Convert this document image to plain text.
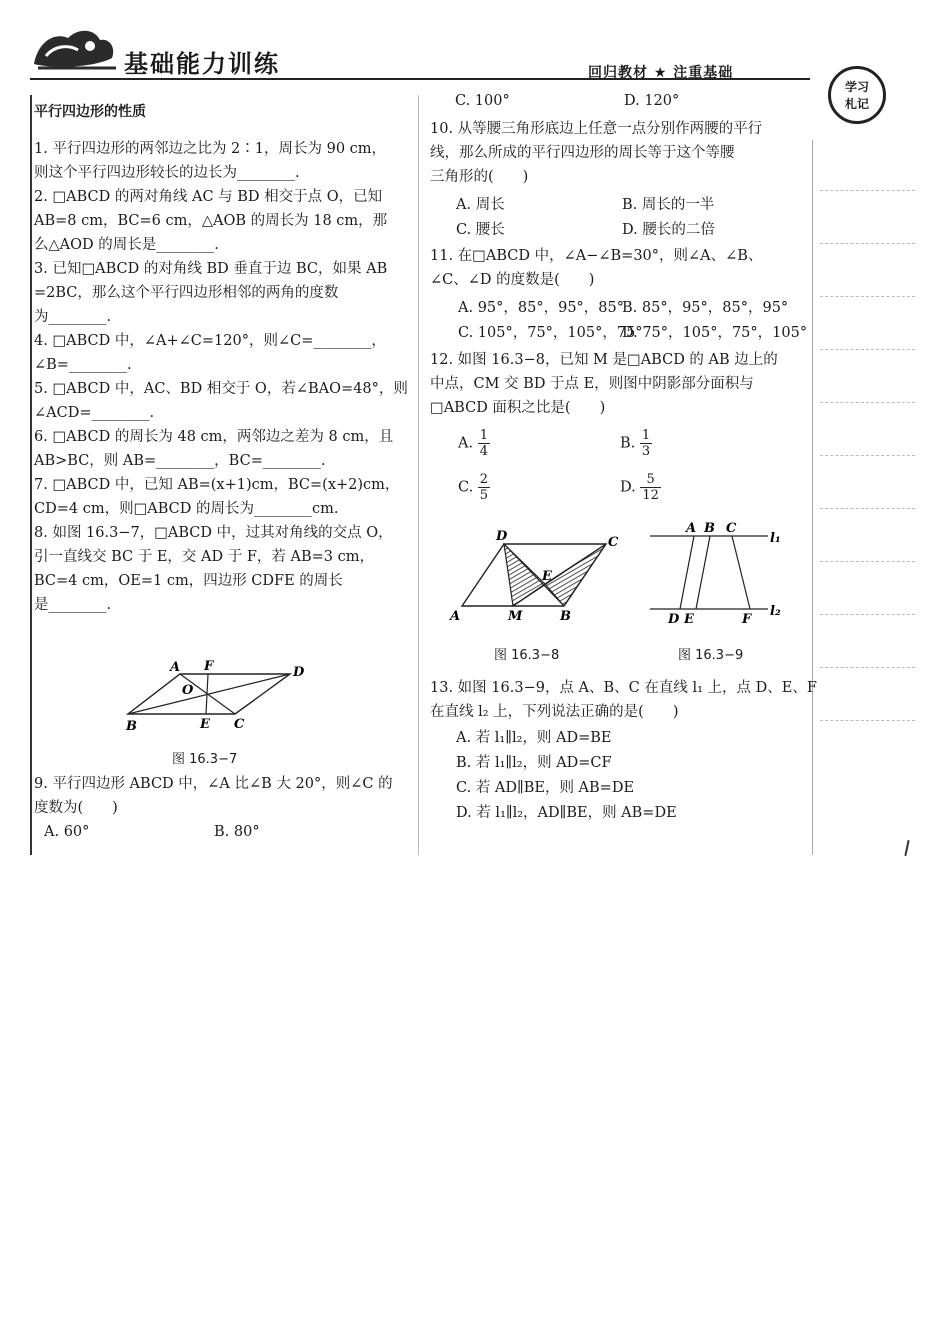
基础能力训练	回归教材 ★ 注重基础
学习
札记
平行四边形的性质
1. 平行四边形的两邻边之比为 2∶1，周长为 90 cm，
则这个平行四边形较长的边长为________.
2. □ABCD 的两对角线 AC 与 BD 相交于点 O，已知
AB=8 cm，BC=6 cm，△AOB 的周长为 18 cm，那
么△AOD 的周长是________.
3. 已知□ABCD 的对角线 BD 垂直于边 BC，如果 AB
=2BC，那么这个平行四边形相邻的两角的度数
为________.
4. □ABCD 中，∠A+∠C=120°，则∠C=________，
∠B=________.
5. □ABCD 中，AC、BD 相交于 O，若∠BAO=48°，则
∠ACD=________.
6. □ABCD 的周长为 48 cm，两邻边之差为 8 cm，且
AB>BC，则 AB=________，BC=________.
7. □ABCD 中，已知 AB=(x+1)cm，BC=(x+2)cm，
CD=4 cm，则□ABCD 的周长为________cm.
8. 如图 16.3−7，□ABCD 中，过其对角线的交点 O，
引一直线交 BC 于 E，交 AD 于 F，若 AB=3 cm，
BC=4 cm，OE=1 cm，四边形 CDFE 的周长
是________.
A F	D
O
B	E C
图 16.3−7
9. 平行四边形 ABCD 中，∠A 比∠B 大 20°，则∠C 的
度数为(　　)
A. 60°	B. 80°
C. 100°	D. 120°
10. 从等腰三角形底边上任意一点分别作两腰的平行
线，那么所成的平行四边形的周长等于这个等腰
三角形的(　　)
A. 周长	B. 周长的一半
C. 腰长	D. 腰长的二倍
11. 在□ABCD 中，∠A−∠B=30°，则∠A、∠B、
∠C、∠D 的度数是(　　)
A. 95°，85°，95°，85°
B. 85°，95°，85°，95°
C. 105°，75°，105°，75°
D. 75°，105°，75°，105°
12. 如图 16.3−8，已知 M 是□ABCD 的 AB 边上的
中点，CM 交 BD 于点 E，则图中阴影部分面积与
□ABCD 面积之比是(　　)
A. $\frac{1}{4}$	B. $\frac{1}{3}$
C. $\frac{2}{5}$	D. $\frac{5}{12}$
D	C
E
A	M	B
图 16.3−8
A B C
l₁
D E	F
l₂
图 16.3−9
13. 如图 16.3−9，点 A、B、C 在直线 l₁ 上，点 D、E、F
在直线 l₂ 上，下列说法正确的是(　　)
A. 若 l₁∥l₂，则 AD=BE
B. 若 l₁∥l₂，则 AD=CF
C. 若 AD∥BE，则 AB=DE
D. 若 l₁∥l₂，AD∥BE，则 AB=DE
